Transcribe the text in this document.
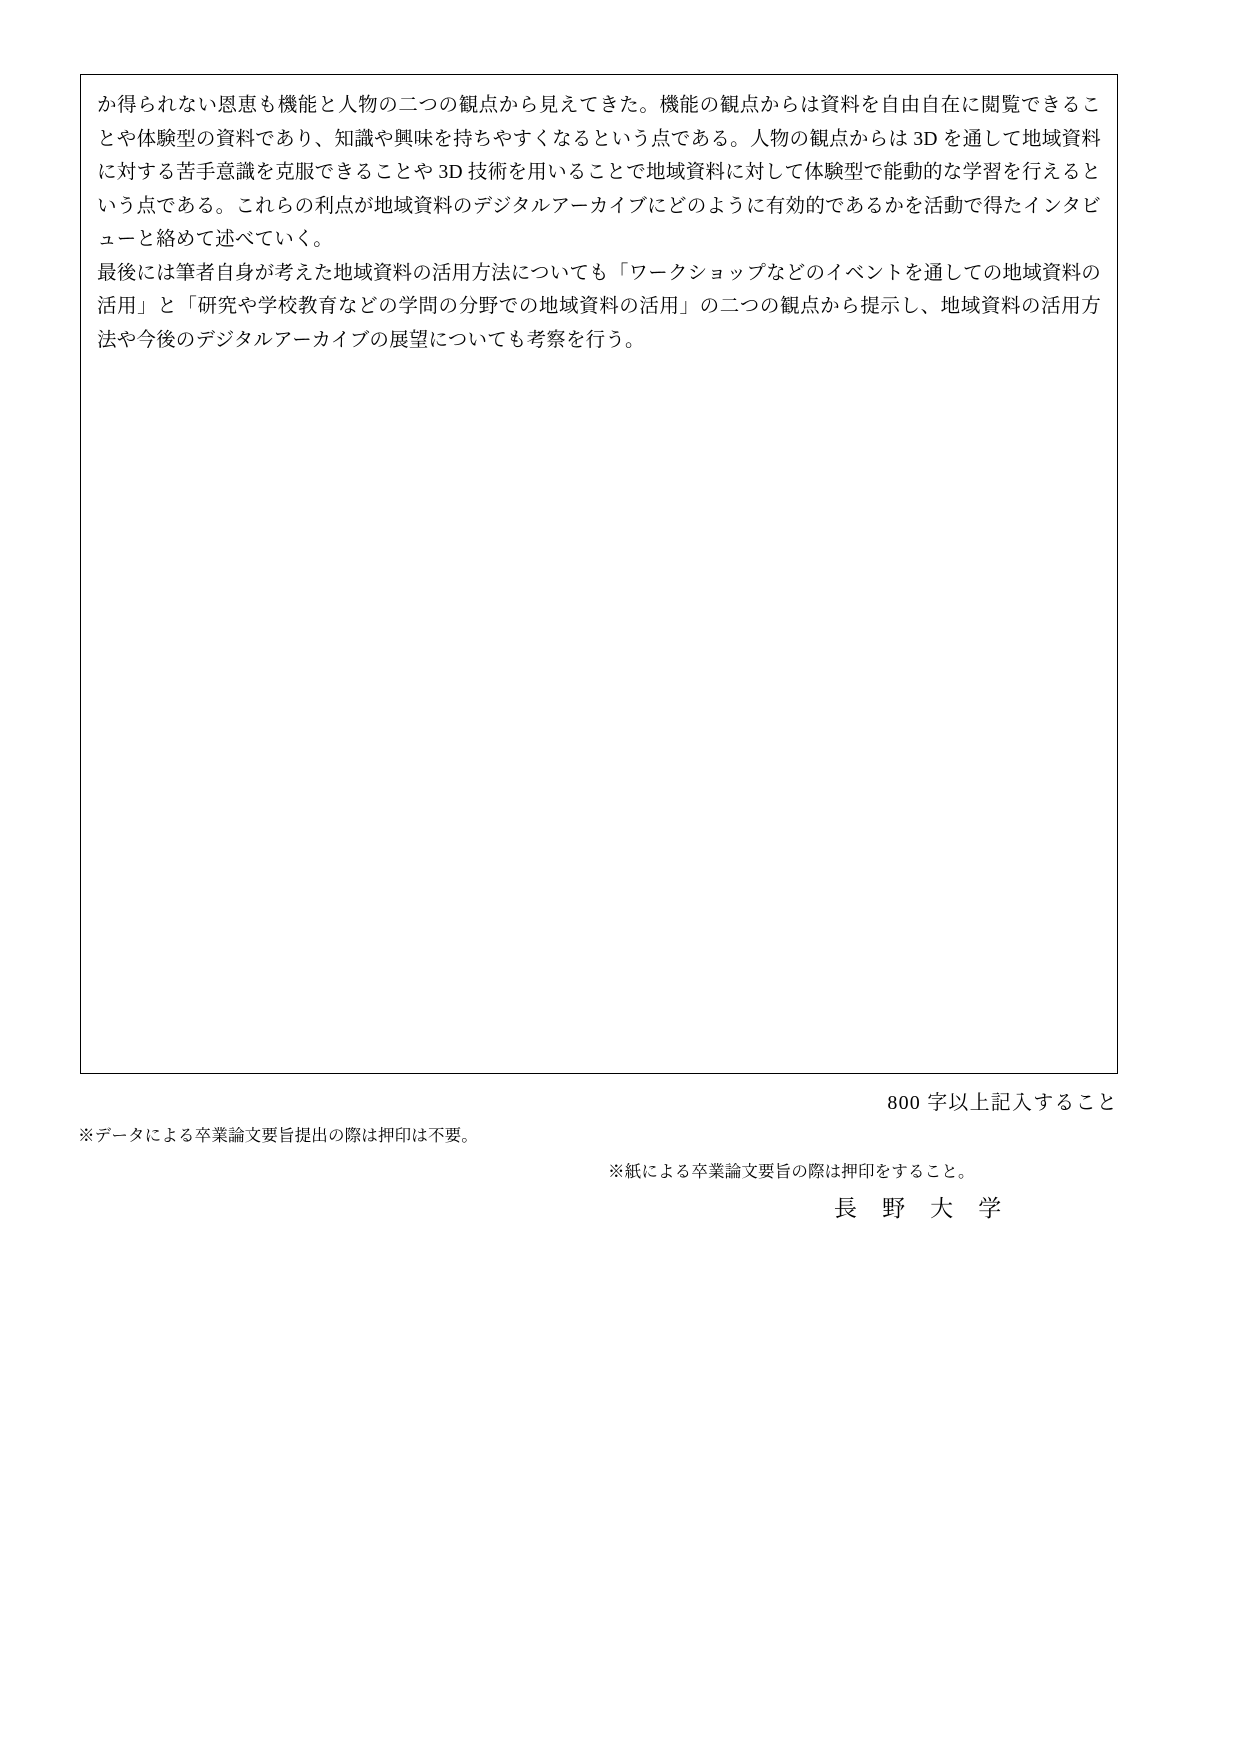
か得られない恩恵も機能と人物の二つの観点から見えてきた。機能の観点からは資料を自由自在に閲覧できることや体験型の資料であり、知識や興味を持ちやすくなるという点である。人物の観点からは 3D を通して地域資料に対する苦手意識を克服できることや 3D 技術を用いることで地域資料に対して体験型で能動的な学習を行えるという点である。これらの利点が地域資料のデジタルアーカイブにどのように有効的であるかを活動で得たインタビューと絡めて述べていく。

最後には筆者自身が考えた地域資料の活用方法についても「ワークショップなどのイベントを通しての地域資料の活用」と「研究や学校教育などの学問の分野での地域資料の活用」の二つの観点から提示し、地域資料の活用方法や今後のデジタルアーカイブの展望についても考察を行う。

800 字以上記入すること
※データによる卒業論文要旨提出の際は押印は不要。
※紙による卒業論文要旨の際は押印をすること。
長 野 大 学
